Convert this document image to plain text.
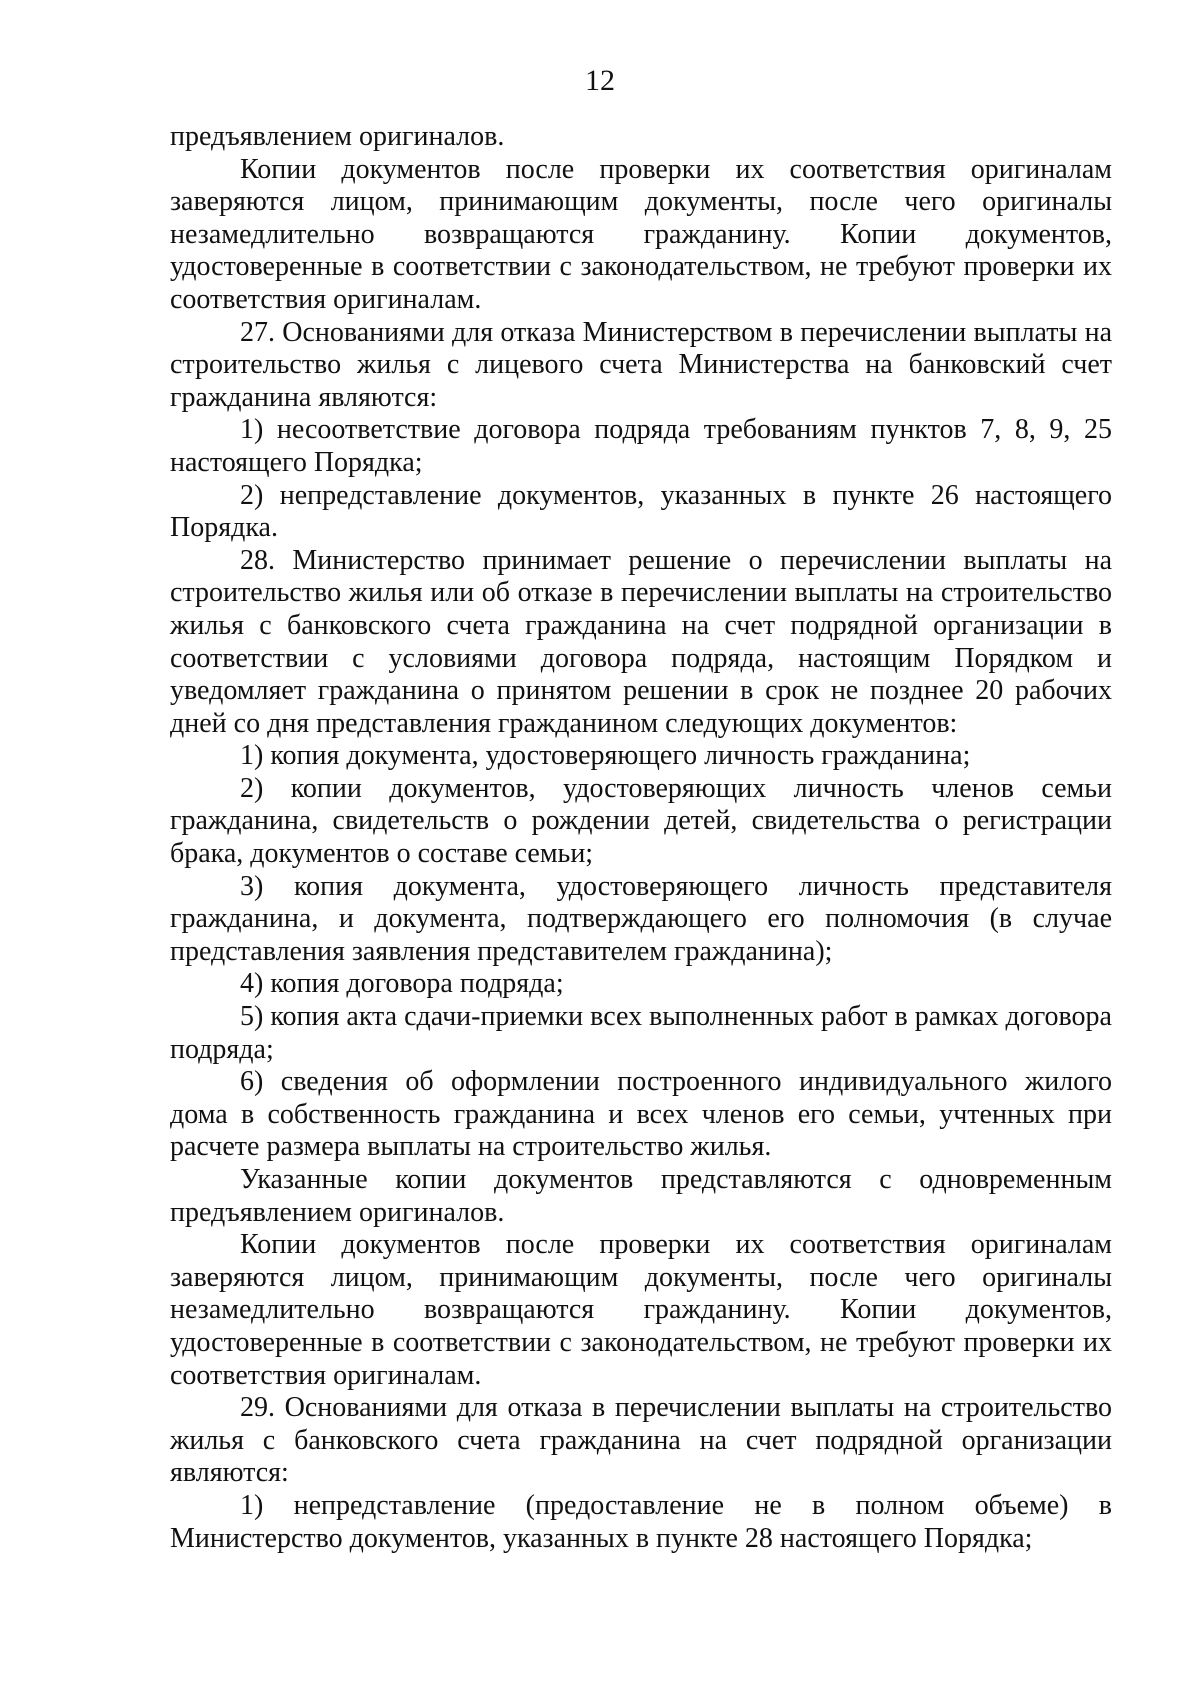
12

предъявлением оригиналов.

Копии документов после проверки их соответствия оригиналам заверяются лицом, принимающим документы, после чего оригиналы незамедлительно возвращаются гражданину. Копии документов, удостоверенные в соответствии с законодательством, не требуют проверки их соответствия оригиналам.

27. Основаниями для отказа Министерством в перечислении выплаты на строительство жилья с лицевого счета Министерства на банковский счет гражданина являются:

1) несоответствие договора подряда требованиям пунктов 7, 8, 9, 25 настоящего Порядка;

2) непредставление документов, указанных в пункте 26 настоящего Порядка.

28. Министерство принимает решение о перечислении выплаты на строительство жилья или об отказе в перечислении выплаты на строительство жилья с банковского счета гражданина на счет подрядной организации в соответствии с условиями договора подряда, настоящим Порядком и уведомляет гражданина о принятом решении в срок не позднее 20 рабочих дней со дня представления гражданином следующих документов:

1) копия документа, удостоверяющего личность гражданина;

2) копии документов, удостоверяющих личность членов семьи гражданина, свидетельств о рождении детей, свидетельства о регистрации брака, документов о составе семьи;

3) копия документа, удостоверяющего личность представителя гражданина, и документа, подтверждающего его полномочия (в случае представления заявления представителем гражданина);

4) копия договора подряда;

5) копия акта сдачи-приемки всех выполненных работ в рамках договора подряда;

6) сведения об оформлении построенного индивидуального жилого дома в собственность гражданина и всех членов его семьи, учтенных при расчете размера выплаты на строительство жилья.

Указанные копии документов представляются с одновременным предъявлением оригиналов.

Копии документов после проверки их соответствия оригиналам заверяются лицом, принимающим документы, после чего оригиналы незамедлительно возвращаются гражданину. Копии документов, удостоверенные в соответствии с законодательством, не требуют проверки их соответствия оригиналам.

29. Основаниями для отказа в перечислении выплаты на строительство жилья с банковского счета гражданина на счет подрядной организации являются:

1) непредставление (предоставление не в полном объеме) в Министерство документов, указанных в пункте 28 настоящего Порядка;
